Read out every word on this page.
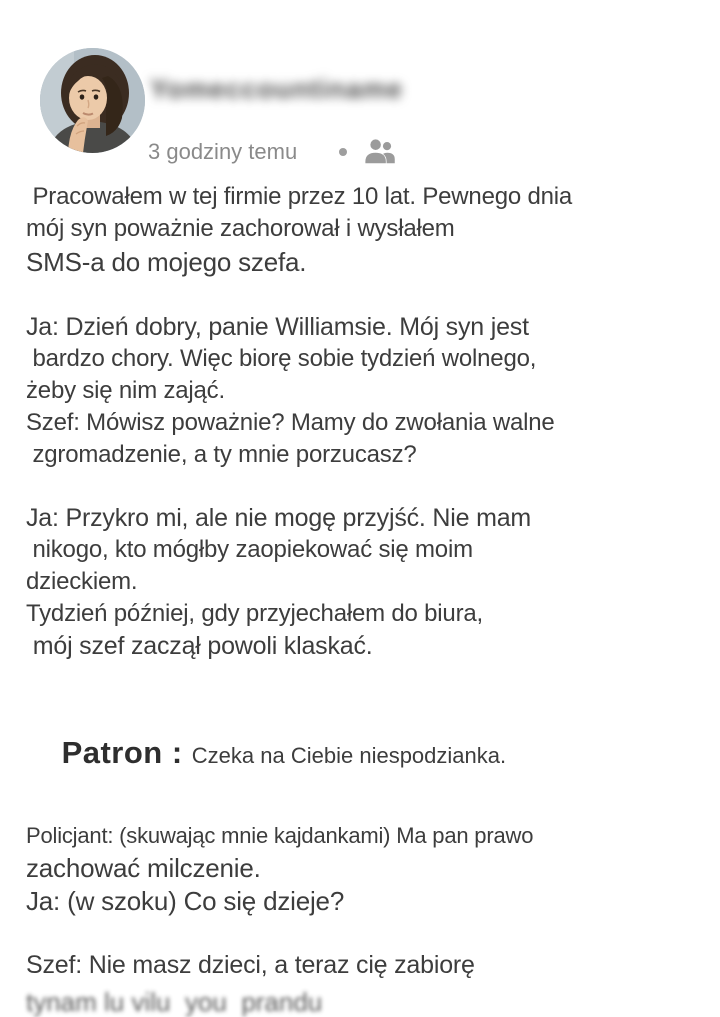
Yomeccountiname
3 godziny temu
Pracowałem w tej firmie przez 10 lat. Pewnego dnia
mój syn poważnie zachorował i wysłałem
SMS-a do mojego szefa.
Ja: Dzień dobry, panie Williamsie. Mój syn jest
bardzo chory. Więc biorę sobie tydzień wolnego,
żeby się nim zająć.
Szef: Mówisz poważnie? Mamy do zwołania walne
zgromadzenie, a ty mnie porzucasz?
Ja: Przykro mi, ale nie mogę przyjść. Nie mam
nikogo, kto mógłby zaopiekować się moim
dzieckiem.
Tydzień później, gdy przyjechałem do biura,
mój szef zaczął powoli klaskać.

Patron : Czeka na Ciebie niespodzianka.

Policjant: (skuwając mnie kajdankami) Ma pan prawo
zachować milczenie.
Ja: (w szoku) Co się dzieje?
Szef: Nie masz dzieci, a teraz cię zabiorę
tynam lu vilu  you  prandu
